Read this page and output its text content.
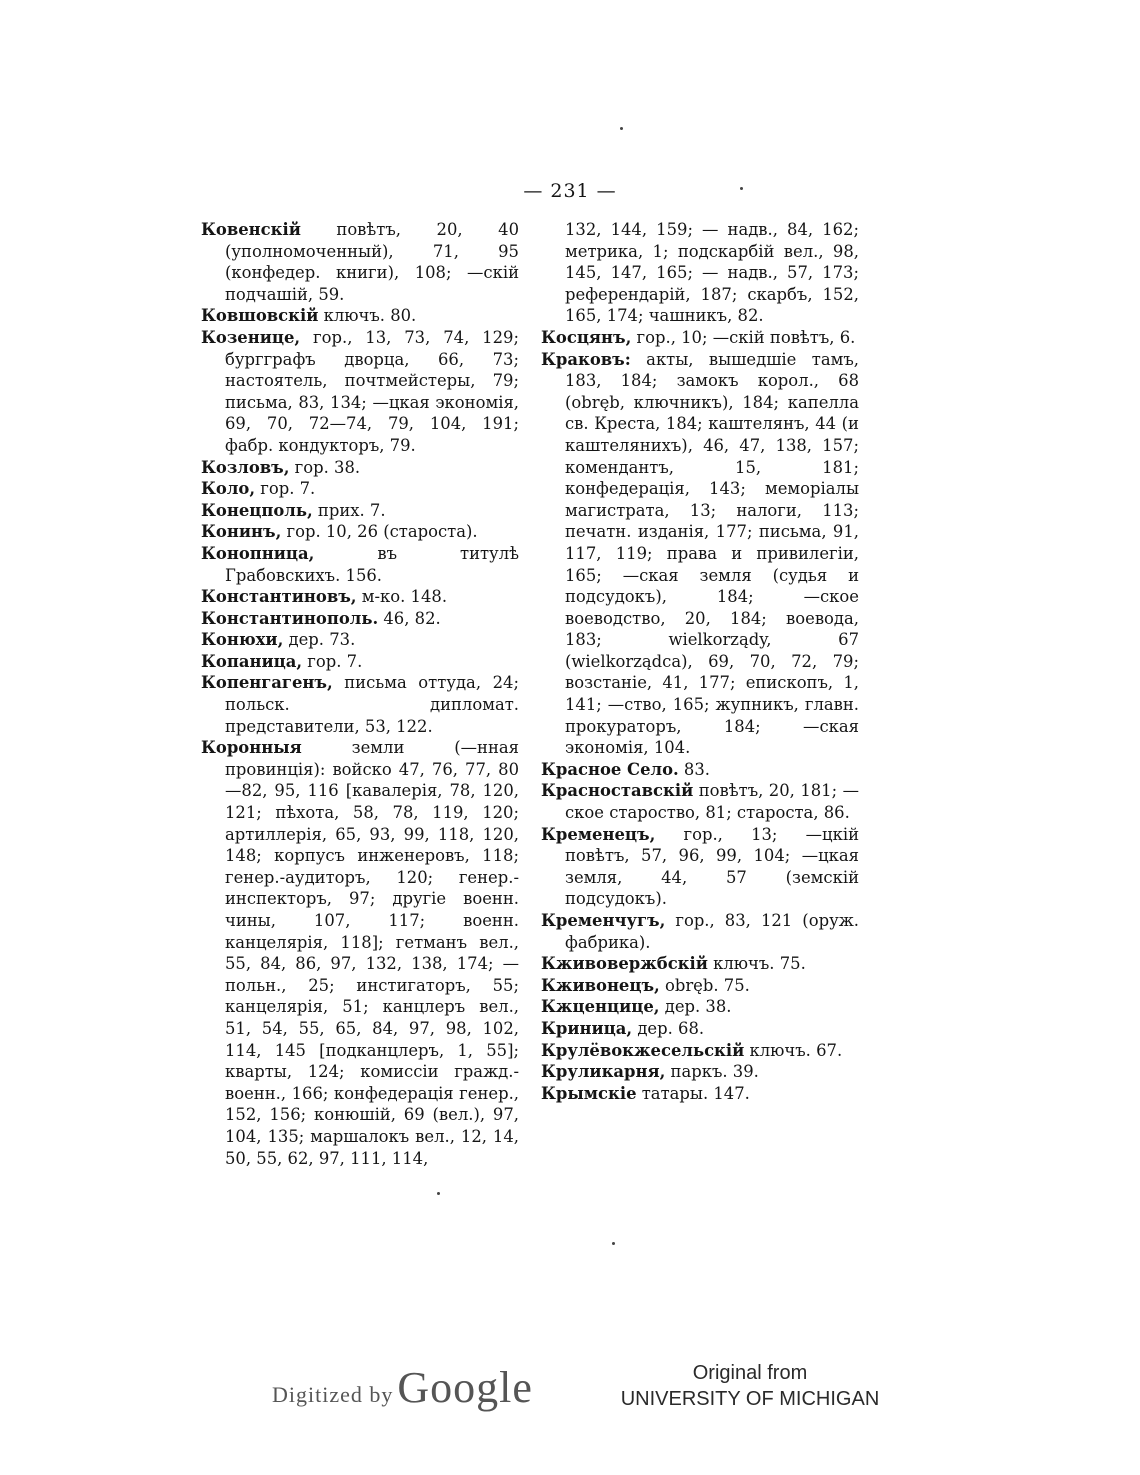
— 231 —

Ковенскій повѣтъ, 20, 40 (уполномоченный), 71, 95 (конфедер. книги), 108; —скій подчашій, 59.

Ковшовскій ключъ. 80.

Козенице, гор., 13, 73, 74, 129; бургграфъ дворца, 66, 73; настоятель, почтмейстеры, 79; письма, 83, 134; —цкая экономія, 69, 70, 72—74, 79, 104, 191; фабр. кондукторъ, 79.

Козловъ, гор. 38.

Коло, гор. 7.

Конецполь, прих. 7.

Конинъ, гор. 10, 26 (староста).

Конопница, въ титулѣ Грабовскихъ. 156.

Константиновъ, м-ко. 148.

Константинополь. 46, 82.

Конюхи, дер. 73.

Копаница, гор. 7.

Копенгагенъ, письма оттуда, 24; польск. дипломат. представители, 53, 122.

Коронныя земли (—нная провинція): войско 47, 76, 77, 80—82, 95, 116 [кавалерія, 78, 120, 121; пѣхота, 58, 78, 119, 120; артиллерія, 65, 93, 99, 118, 120, 148; корпусъ инженеровъ, 118; генер.-аудиторъ, 120; генер.-инспекторъ, 97; другіе военн. чины, 107, 117; военн. канцелярія, 118]; гетманъ вел., 55, 84, 86, 97, 132, 138, 174; — польн., 25; инстигаторъ, 55; канцелярія, 51; канцлеръ вел., 51, 54, 55, 65, 84, 97, 98, 102, 114, 145 [подканцлеръ, 1, 55]; кварты, 124; комиссіи гражд.-военн., 166; конфедерація генер., 152, 156; конюшій, 69 (вел.), 97, 104, 135; маршалокъ вел., 12, 14, 50, 55, 62, 97, 111, 114,

132, 144, 159; — надв., 84, 162; метрика, 1; подскарбій вел., 98, 145, 147, 165; — надв., 57, 173; референдарій, 187; скарбъ, 152, 165, 174; чашникъ, 82.

Косцянъ, гор., 10; —скій повѣтъ, 6.

Краковъ: акты, вышедшіе тамъ, 183, 184; замокъ корол., 68 (obręb, ключникъ), 184; капелла св. Креста, 184; каштелянъ, 44 (и каштелянихъ), 46, 47, 138, 157; комендантъ, 15, 181; конфедерація, 143; меморіалы магистрата, 13; налоги, 113; печатн. изданія, 177; письма, 91, 117, 119; права и привилегіи, 165; —ская земля (судья и подсудокъ), 184; —ское воеводство, 20, 184; воевода, 183; wielkorządy, 67 (wielkorządca), 69, 70, 72, 79; возстаніе, 41, 177; епископъ, 1, 141; —ство, 165; жупникъ, главн. прокураторъ, 184; —ская экономія, 104.

Красное Село. 83.

Красноставскій повѣтъ, 20, 181; —ское староство, 81; староста, 86.

Кременецъ, гор., 13; —цкій повѣтъ, 57, 96, 99, 104; —цкая земля, 44, 57 (земскій подсудокъ).

Кременчугъ, гор., 83, 121 (оруж. фабрика).

Кживовержбскій ключъ. 75.

Кживонецъ, obręb. 75.

Кжценцице, дер. 38.

Криница, дер. 68.

Крулёвокжесельскій ключъ. 67.

Круликарня, паркъ. 39.

Крымскіе татары. 147.

Digitized by Google	Original from
UNIVERSITY OF MICHIGAN
